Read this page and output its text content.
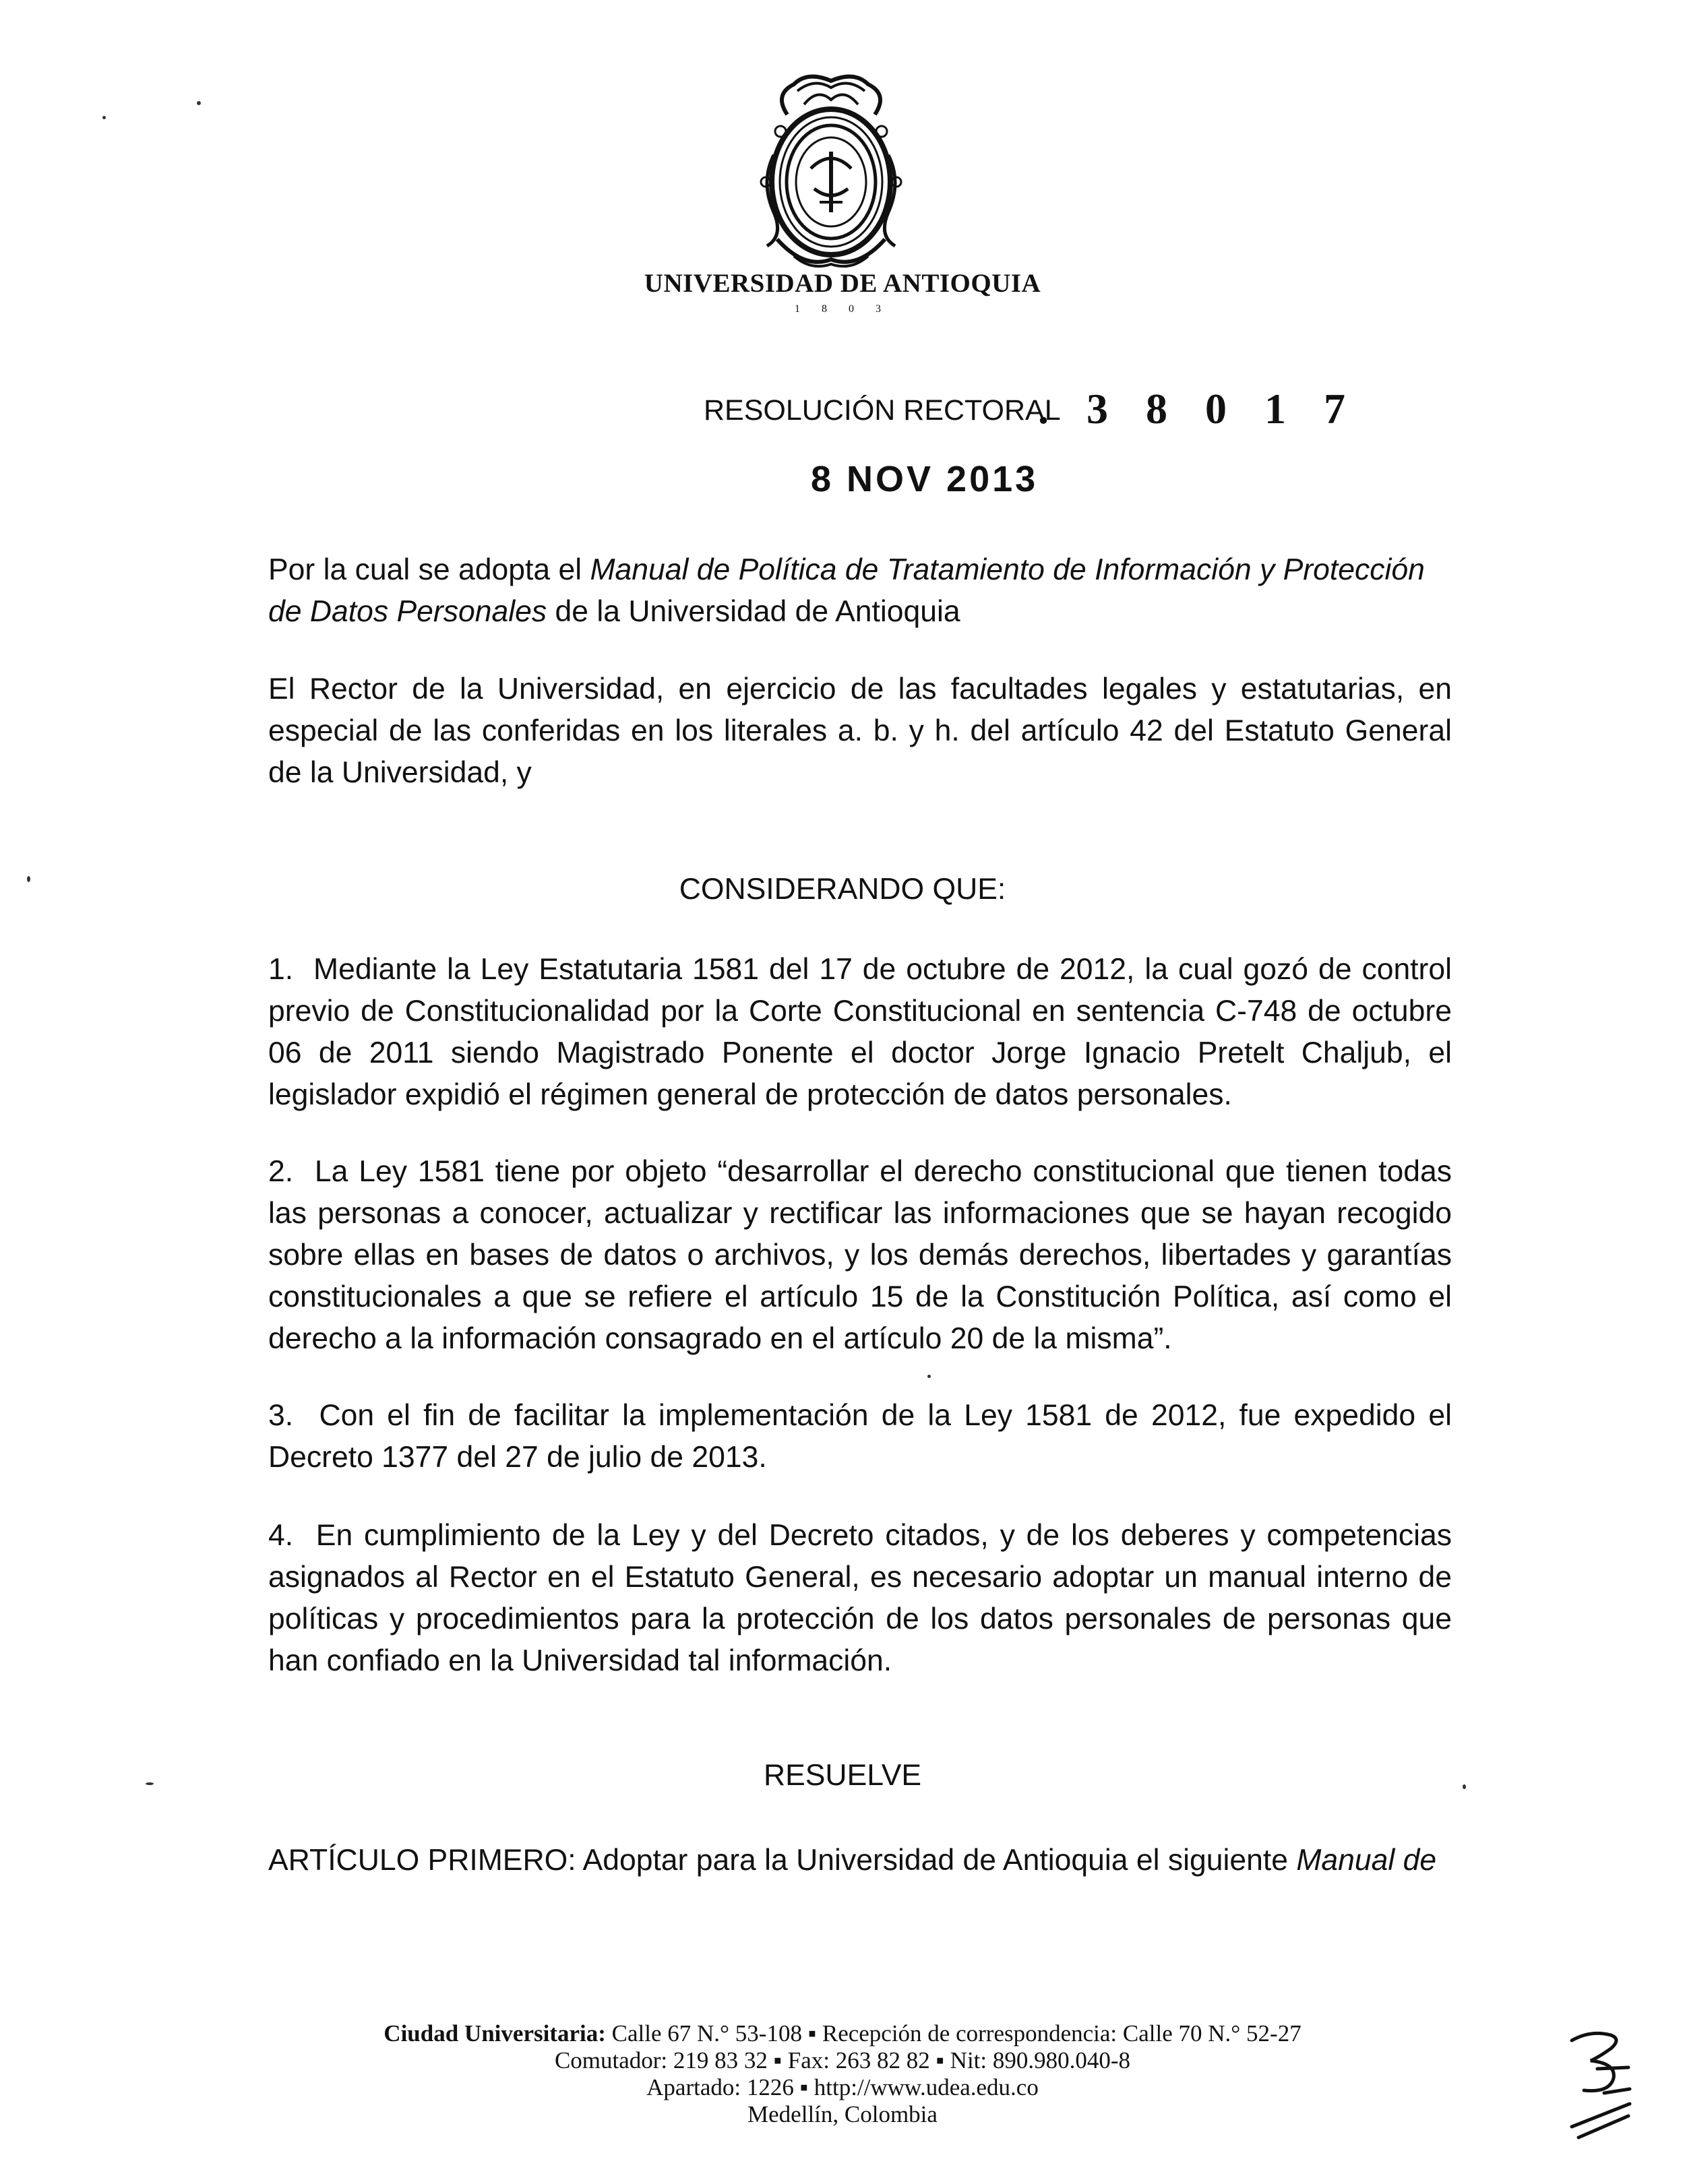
UNIVERSIDAD DE ANTIOQUIA
1 8 0 3
RESOLUCIÓN RECTORAL
. 3 8 0 1 7
8 NOV 2013
Por la cual se adopta el Manual de Política de Tratamiento de Información y Protección de Datos Personales de la Universidad de Antioquia
El Rector de la Universidad, en ejercicio de las facultades legales y estatutarias, en especial de las conferidas en los literales a. b. y h. del artículo 42 del Estatuto General de la Universidad, y
CONSIDERANDO QUE:
1. Mediante la Ley Estatutaria 1581 del 17 de octubre de 2012, la cual gozó de control previo de Constitucionalidad por la Corte Constitucional en sentencia C-748 de octubre 06 de 2011 siendo Magistrado Ponente el doctor Jorge Ignacio Pretelt Chaljub, el legislador expidió el régimen general de protección de datos personales.
2. La Ley 1581 tiene por objeto “desarrollar el derecho constitucional que tienen todas las personas a conocer, actualizar y rectificar las informaciones que se hayan recogido sobre ellas en bases de datos o archivos, y los demás derechos, libertades y garantías constitucionales a que se refiere el artículo 15 de la Constitución Política, así como el derecho a la información consagrado en el artículo 20 de la misma”.
3. Con el fin de facilitar la implementación de la Ley 1581 de 2012, fue expedido el Decreto 1377 del 27 de julio de 2013.
4. En cumplimiento de la Ley y del Decreto citados, y de los deberes y competencias asignados al Rector en el Estatuto General, es necesario adoptar un manual interno de políticas y procedimientos para la protección de los datos personales de personas que han confiado en la Universidad tal información.
RESUELVE
ARTÍCULO PRIMERO: Adoptar para la Universidad de Antioquia el siguiente Manual de
Ciudad Universitaria: Calle 67 N.° 53-108 ▪ Recepción de correspondencia: Calle 70 N.° 52-27
Comutador: 219 83 32 ▪ Fax: 263 82 82 ▪ Nit: 890.980.040-8
Apartado: 1226 ▪ http://www.udea.edu.co
Medellín, Colombia
